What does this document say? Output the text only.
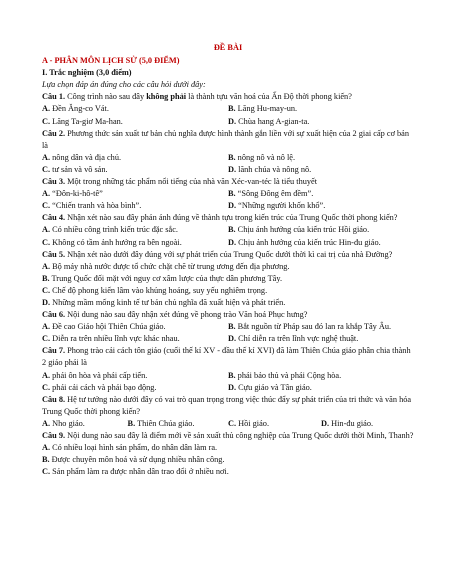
ĐỀ BÀI
A - PHÂN MÔN LỊCH SỬ (5,0 ĐIỂM)
I. Trắc nghiệm (3,0 điểm)
Lựa chọn đáp án đúng cho các câu hỏi dưới đây:
Câu 1. Công trình nào sau đây không phải là thành tựu văn hoá của Ấn Độ thời phong kiến?
A. Đền Ăng-co Vát.	B. Lăng Hu-may-un.
C. Lăng Ta-giơ Ma-han.	D. Chùa hang A-gian-ta.
Câu 2. Phương thức sản xuất tư bản chủ nghĩa được hình thành gắn liền với sự xuất hiện của 2 giai cấp cơ bản là
A. nông dân và địa chủ.	B. nông nô và nô lệ.
C. tư sản và vô sản.	D. lãnh chúa và nông nô.
Câu 3. Một trong những tác phẩm nổi tiếng của nhà văn Xéc-van-téc là tiểu thuyết
A. “Đôn-ki-hô-tê”	B. “Sông Đông êm đềm”.
C. “Chiến tranh và hòa bình”.	D. “Những người khốn khổ”.
Câu 4. Nhận xét nào sau đây phản ánh đúng về thành tựu trong kiến trúc của Trung Quốc thời phong kiến?
A. Có nhiều công trình kiến trúc đặc sắc.	B. Chịu ảnh hưởng của kiến trúc Hồi giáo.
C. Không có tầm ảnh hưởng ra bên ngoài.	D. Chịu ảnh hưởng của kiến trúc Hin-đu giáo.
Câu 5. Nhận xét nào dưới đây đúng với sự phát triển của Trung Quốc dưới thời kì cai trị của nhà Đường?
A. Bộ máy nhà nước được tổ chức chặt chẽ từ trung ương đến địa phương.
B. Trung Quốc đối mặt với nguy cơ xâm lược của thực dân phương Tây.
C. Chế độ phong kiến lâm vào khủng hoảng, suy yếu nghiêm trọng.
D. Những mầm mống kinh tế tư bản chủ nghĩa đã xuất hiện và phát triển.
Câu 6. Nội dung nào sau đây nhận xét đúng về phong trào Văn hoá Phục hưng?
A. Đề cao Giáo hội Thiên Chúa giáo.	B. Bắt nguồn từ Pháp sau đó lan ra khắp Tây Âu.
C. Diễn ra trên nhiều lĩnh vực khác nhau.	D. Chỉ diễn ra trên lĩnh vực nghệ thuật.
Câu 7. Phong trào cải cách tôn giáo (cuối thế kỉ XV - đầu thế kỉ XVI) đã làm Thiên Chúa giáo phân chia thành 2 giáo phái là
A. phái ôn hòa và phái cấp tiến.	B. phái bảo thủ và phái Cộng hòa.
C. phái cải cách và phái bạo động.	D. Cựu giáo và Tân giáo.
Câu 8. Hệ tư tưởng nào dưới đây có vai trò quan trọng trong việc thúc đẩy sự phát triển của tri thức và văn hóa Trung Quốc thời phong kiến?
A. Nho giáo.	B. Thiên Chúa giáo.	C. Hồi giáo.	D. Hin-đu giáo.
Câu 9. Nội dung nào sau đây là điểm mới về sản xuất thủ công nghiệp của Trung Quốc dưới thời Minh, Thanh?
A. Có nhiều loại hình sản phẩm, do nhân dân làm ra.
B. Được chuyên môn hoá và sử dụng nhiều nhân công.
C. Sản phẩm làm ra được nhân dân trao đổi ở nhiều nơi.
